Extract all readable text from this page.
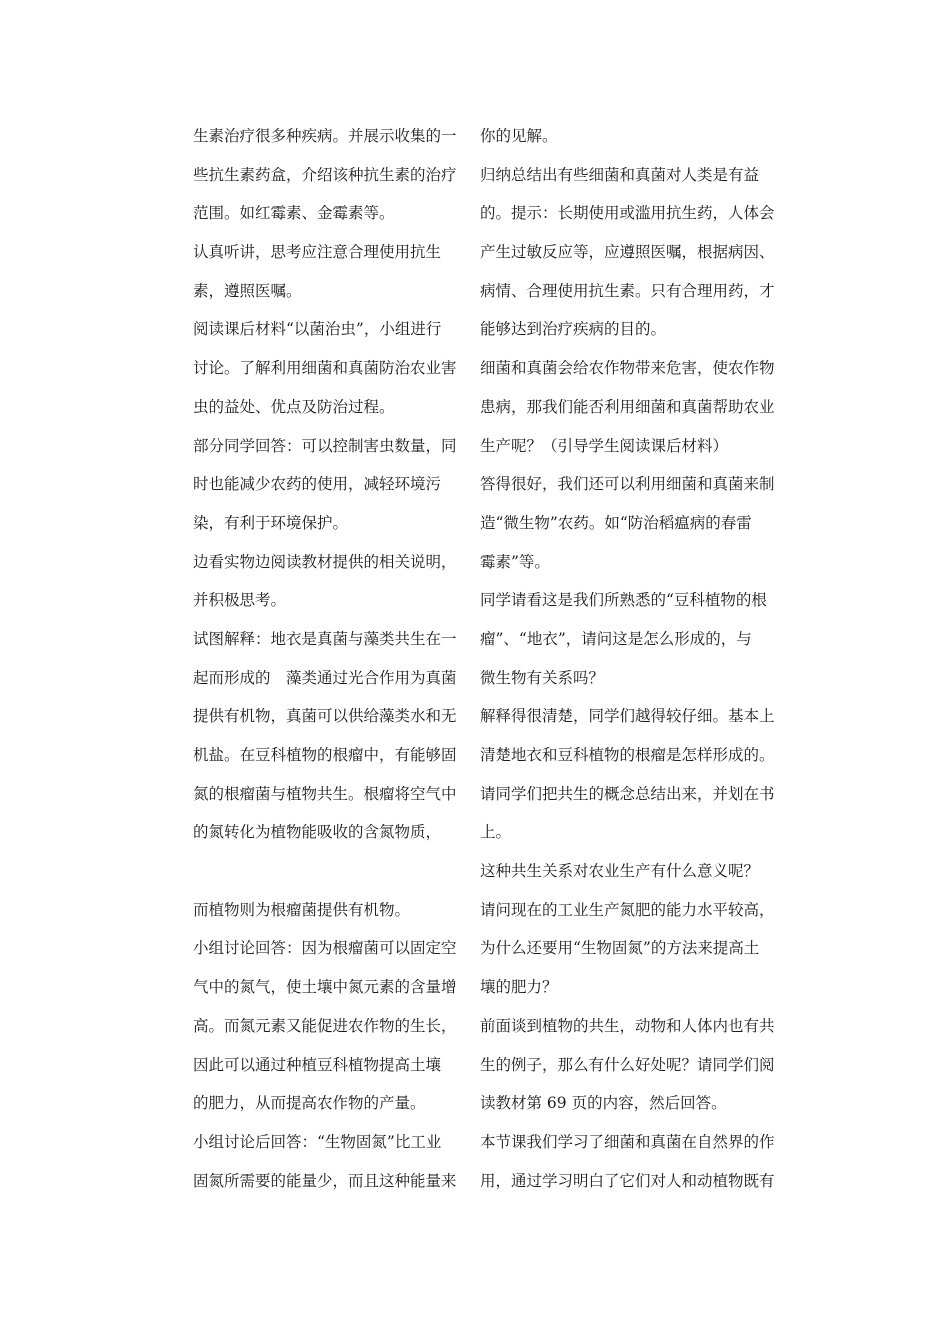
生素治疗很多种疾病。并展示收集的一
些抗生素药盒，介绍该种抗生素的治疗
范围。如红霉素、金霉素等。
认真听讲，思考应注意合理使用抗生
素，遵照医嘱。
阅读课后材料“以菌治虫”，小组进行
讨论。了解利用细菌和真菌防治农业害
虫的益处、优点及防治过程。
部分同学回答：可以控制害虫数量，同
时也能减少农药的使用，减轻环境污
染，有利于环境保护。
边看实物边阅读教材提供的相关说明，
并积极思考。
试图解释：地衣是真菌与藻类共生在一
起而形成的　藻类通过光合作用为真菌
提供有机物，真菌可以供给藻类水和无
机盐。在豆科植物的根瘤中，有能够固
氮的根瘤菌与植物共生。根瘤将空气中
的氮转化为植物能吸收的含氮物质，
而植物则为根瘤菌提供有机物。
小组讨论回答：因为根瘤菌可以固定空
气中的氮气，使土壤中氮元素的含量增
高。而氮元素又能促进农作物的生长，
因此可以通过种植豆科植物提高土壤
的肥力，从而提高农作物的产量。
小组讨论后回答：“生物固氮”比工业
固氮所需要的能量少，而且这种能量来
你的见解。
归纳总结出有些细菌和真菌对人类是有益
的。提示：长期使用或滥用抗生药，人体会
产生过敏反应等，应遵照医嘱，根据病因、
病情、合理使用抗生素。只有合理用药，才
能够达到治疗疾病的目的。
细菌和真菌会给农作物带来危害，使农作物
患病，那我们能否利用细菌和真菌帮助农业
生产呢？（引导学生阅读课后材料）
答得很好，我们还可以利用细菌和真菌来制
造“微生物”农药。如“防治稻瘟病的春雷
霉素”等。
同学请看这是我们所熟悉的“豆科植物的根
瘤”、“地衣”，请问这是怎么形成的，与
微生物有关系吗？
解释得很清楚，同学们越得较仔细。基本上
清楚地衣和豆科植物的根瘤是怎样形成的。
请同学们把共生的概念总结出来，并划在书
上。
这种共生关系对农业生产有什么意义呢？
请问现在的工业生产氮肥的能力水平较高，
为什么还要用“生物固氮”的方法来提高土
壤的肥力？
前面谈到植物的共生，动物和人体内也有共
生的例子，那么有什么好处呢？请同学们阅
读教材第 69 页的内容，然后回答。
本节课我们学习了细菌和真菌在自然界的作
用，通过学习明白了它们对人和动植物既有
